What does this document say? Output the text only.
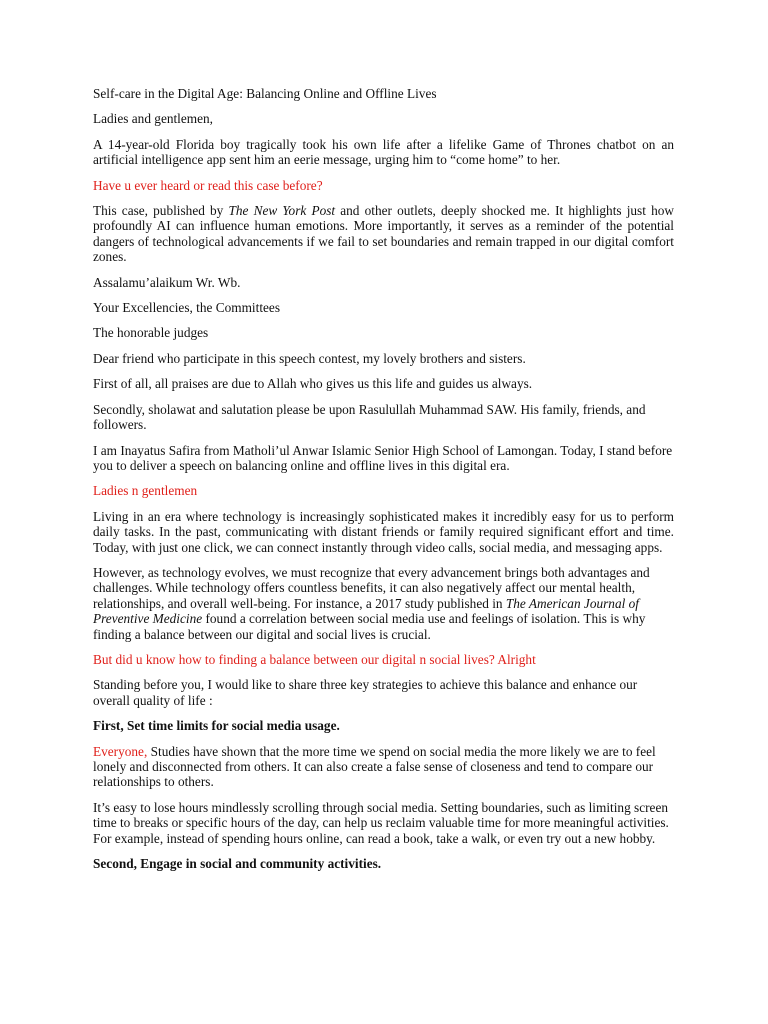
Self-care in the Digital Age: Balancing Online and Offline Lives

Ladies and gentlemen,

A 14-year-old Florida boy tragically took his own life after a lifelike Game of Thrones chatbot on an artificial intelligence app sent him an eerie message, urging him to “come home” to her.

Have u ever heard or read this case before?

This case, published by The New York Post and other outlets, deeply shocked me. It highlights just how profoundly AI can influence human emotions. More importantly, it serves as a reminder of the potential dangers of technological advancements if we fail to set boundaries and remain trapped in our digital comfort zones.

Assalamu’alaikum Wr. Wb.

Your Excellencies, the Committees

The honorable judges

Dear friend who participate in this speech contest, my lovely brothers and sisters.

First of all, all praises are due to Allah who gives us this life and guides us always.

Secondly, sholawat and salutation please be upon Rasulullah Muhammad SAW. His family, friends, and followers.

I am Inayatus Safira from Matholi’ul Anwar Islamic Senior High School of Lamongan. Today, I stand before you to deliver a speech on balancing online and offline lives in this digital era.

Ladies n gentlemen

Living in an era where technology is increasingly sophisticated makes it incredibly easy for us to perform daily tasks. In the past, communicating with distant friends or family required significant effort and time. Today, with just one click, we can connect instantly through video calls, social media, and messaging apps.

However, as technology evolves, we must recognize that every advancement brings both advantages and challenges. While technology offers countless benefits, it can also negatively affect our mental health, relationships, and overall well-being. For instance, a 2017 study published in The American Journal of Preventive Medicine found a correlation between social media use and feelings of isolation. This is why finding a balance between our digital and social lives is crucial.

But did u know how to finding a balance between our digital n social lives? Alright

Standing before you, I would like to share three key strategies to achieve this balance and enhance our overall quality of life :

First, Set time limits for social media usage.

Everyone, Studies have shown that the more time we spend on social media the more likely we are to feel lonely and disconnected from others. It can also create a false sense of closeness and tend to compare our relationships to others.

It’s easy to lose hours mindlessly scrolling through social media. Setting boundaries, such as limiting screen time to breaks or specific hours of the day, can help us reclaim valuable time for more meaningful activities. For example, instead of spending hours online, can read a book, take a walk, or even try out a new hobby.

Second, Engage in social and community activities.
